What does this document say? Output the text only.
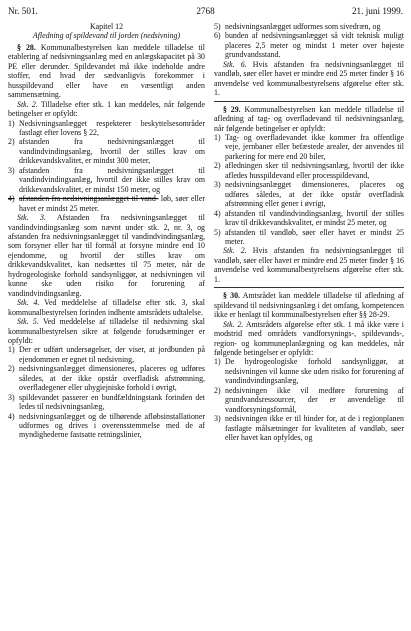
Nr. 501.	2768	21. juni 1999.

Kapitel 12

Afledning af spildevand til jorden (nedsivning)

§ 28. Kommunalbestyrelsen kan meddele tilladelse til etablering af nedsivningsanlæg med en anlægskapacitet på 30 PE eller derunder. Spildevandet må ikke indeholde andre stoffer, end hvad der sædvanligvis forekommer i husspildevand eller have en væsentligt anden sammensætning.

Stk. 2. Tilladelse efter stk. 1 kan meddeles, når følgende betingelser er opfyldt:

1) Nedsivningsanlægget respekterer beskyttelsesområder fastlagt efter lovens § 22,
2) afstanden fra nedsivningsanlægget til vandindvindingsanlæg, hvortil der stilles krav om drikkevandskvalitet, er mindst 300 meter,
3) afstanden fra nedsivningsanlægget til vandindvindingsanlæg, hvortil der ikke stilles krav om drikkevandskvalitet, er mindst 150 meter, og
4) afstanden fra nedsivningsanlægget til vand- løb, søer eller havet er mindst 25 meter.

Stk. 3. Afstanden fra nedsivningsanlægget til vandindvindingsanlæg som nævnt under stk. 2, nr. 3, og afstanden fra nedsivningsanlægget til vandindvindingsanlæg, som forsyner eller har til formål at forsyne mindre end 10 ejendomme, og hvortil der stilles krav om drikkevandskvalitet, kan nedsættes til 75 meter, når de hydrogeologiske forhold sandsynliggør, at nedsivningen vil kunne ske uden risiko for forurening af vandindvindingsanlæg.

Stk. 4. Ved meddelelse af tilladelse efter stk. 3, skal kommunalbestyrelsen forinden indhente amtsrådets udtalelse.

Stk. 5. Ved meddelelse af tilladelse til nedsivning skal kommunalbestyrelsen sikre at følgende forudsætninger er opfyldt:

1) Der er udført undersøgelser, der viser, at jordbunden på ejendommen er egnet til nedsivning,
2) nedsivningsanlægget dimensioneres, placeres og udføres således, at der ikke opstår overfladisk afstrømning, overfladegener eller uhygiejniske forhold i øvrigt,
3) spildevandet passerer en bundfældningstank forinden det ledes til nedsivningsanlæg,
4) nedsivningsanlægget og de tilhørende afløbsinstallationer udformes og drives i overensstemmelse med de af myndighederne fastsatte retningslinier,
5) nedsivningsanlægget udformes som sivedræn, og
6) bunden af nedsivningsanlægget så vidt teknisk muligt placeres 2,5 meter og mindst 1 meter over højeste grundvandsstand.

Stk. 6. Hvis afstanden fra nedsivningsanlægget til vandløb, søer eller havet er mindre end 25 meter finder § 16 anvendelse ved kommunalbestyrelsens afgørelse efter stk. 1.

§ 29. Kommunalbestyrelsen kan meddele tilladelse til afledning af tag- og overfladevand til nedsivningsanlæg, når følgende betingelser er opfyldt:

1) Tag- og overfladevandet ikke kommer fra offentlige veje, jernbaner eller befæstede arealer, der anvendes til parkering for mere end 20 biler,
2) afledningen sker til nedsivningsanlæg, hvortil der ikke afledes husspildevand eller processpildevand,
3) nedsivningsanlægget dimensioneres, placeres og udføres således, at der ikke opstår overfladisk afstrømning eller gener i øvrigt,
4) afstanden til vandindvindingsanlæg, hvortil der stilles krav til drikkevandskvalitet, er mindst 25 meter, og
5) afstanden til vandløb, søer eller havet er mindst 25 meter.

Stk. 2. Hvis afstanden fra nedsivningsanlægget til vandløb, søer eller havet er mindre end 25 meter finder § 16 anvendelse ved kommunalbestyrelsens afgørelse efter stk. 1.

§ 30. Amtsrådet kan meddele tilladelse til afledning af spildevand til nedsivningsanlæg i det omfang, kompetencen ikke er henlagt til kommunalbestyrelsen efter §§ 28-29.

Stk. 2. Amtsrådets afgørelse efter stk. 1 må ikke være i modstrid med områdets vandforsynings-, spildevands-, region- og kommuneplanlægning og kan meddeles, når følgende betingelser er opfyldt:

1) De hydrogeologiske forhold sandsynliggør, at nedsivningen vil kunne ske uden risiko for forurening af vandindvindingsanlæg,
2) nedsivningen ikke vil medføre forurening af grundvandsressourcer, der er anvendelige til vandforsyningsformål,
3) nedsivningen ikke er til hinder for, at de i regionplanen fastlagte målsætninger for kvaliteten af vandløb, søer eller havet kan opfyldes, og
